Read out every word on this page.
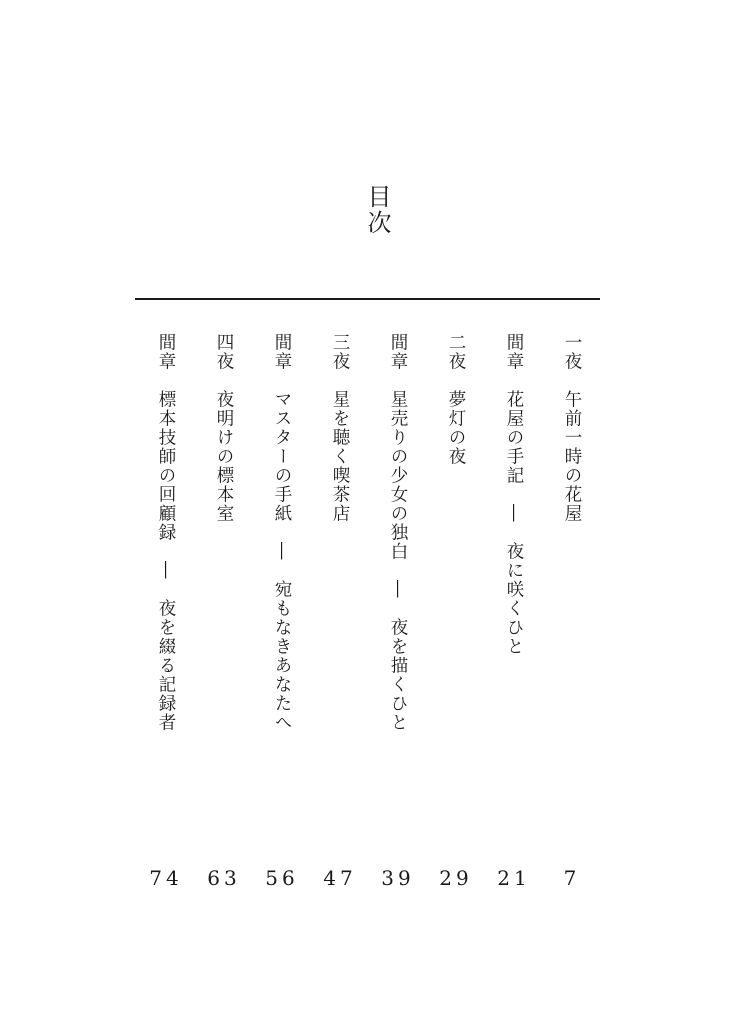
目次
一夜午前一時の花屋
7
間章花屋の手記―夜に咲くひと
21
二夜夢灯の夜
29
間章星売りの少女の独白―夜を描くひと
39
三夜星を聴く喫茶店
47
間章マスターの手紙―宛もなきあなたへ
56
四夜夜明けの標本室
63
間章標本技師の回顧録―夜を綴る記録者
74
